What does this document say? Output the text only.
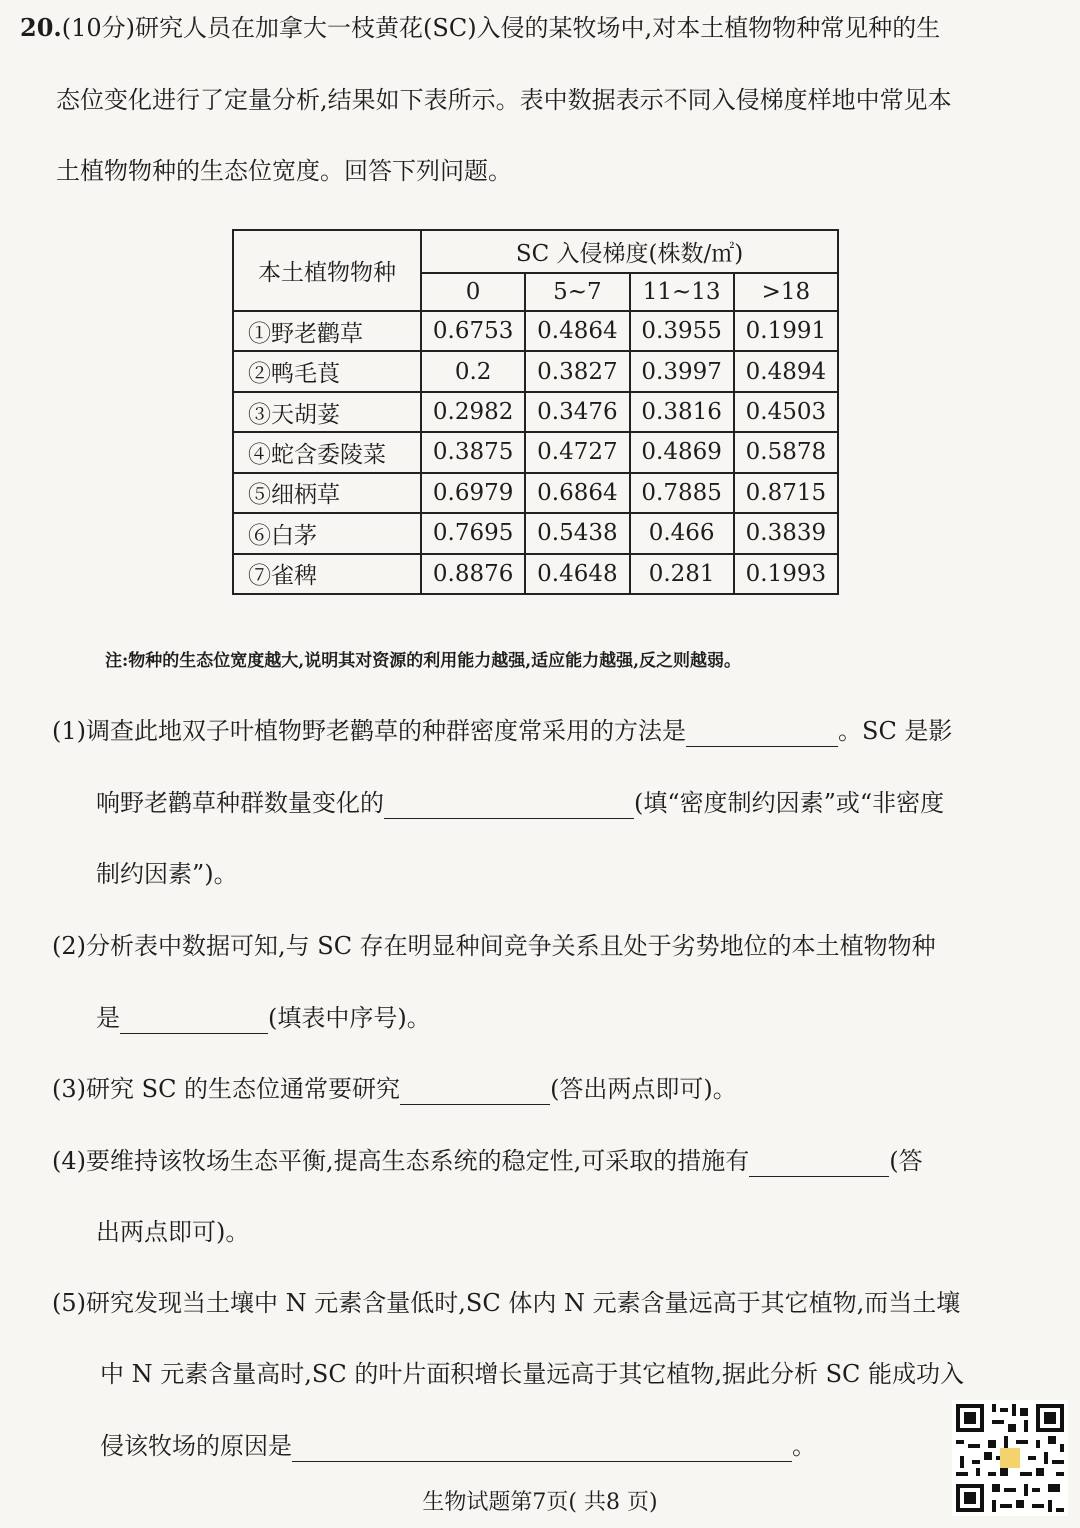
20.(10分)研究人员在加拿大一枝黄花(SC)入侵的某牧场中,对本土植物物种常见种的生
态位变化进行了定量分析,结果如下表所示。表中数据表示不同入侵梯度样地中常见本
土植物物种的生态位宽度。回答下列问题。
本土植物物种	SC 入侵梯度(株数/㎡)			
	0	5~7	11~13	>18
①野老鹳草	0.6753	0.4864	0.3955	0.1991
②鸭毛莨	0.2	0.3827	0.3997	0.4894
③天胡荽	0.2982	0.3476	0.3816	0.4503
④蛇含委陵菜	0.3875	0.4727	0.4869	0.5878
⑤细柄草	0.6979	0.6864	0.7885	0.8715
⑥白茅	0.7695	0.5438	0.466	0.3839
⑦雀稗	0.8876	0.4648	0.281	0.1993
注:物种的生态位宽度越大,说明其对资源的利用能力越强,适应能力越强,反之则越弱。
(1)调查此地双子叶植物野老鹳草的种群密度常采用的方法是	。SC 是影
响野老鹳草种群数量变化的	(填“密度制约因素”或“非密度
制约因素”)。
(2)分析表中数据可知,与 SC 存在明显种间竞争关系且处于劣势地位的本土植物物种
是	(填表中序号)。
(3)研究 SC 的生态位通常要研究	(答出两点即可)。
(4)要维持该牧场生态平衡,提高生态系统的稳定性,可采取的措施有	(答
出两点即可)。
(5)研究发现当土壤中 N 元素含量低时,SC 体内 N 元素含量远高于其它植物,而当土壤
中 N 元素含量高时,SC 的叶片面积增长量远高于其它植物,据此分析 SC 能成功入
侵该牧场的原因是	。
生物试题第7页( 共8 页)
